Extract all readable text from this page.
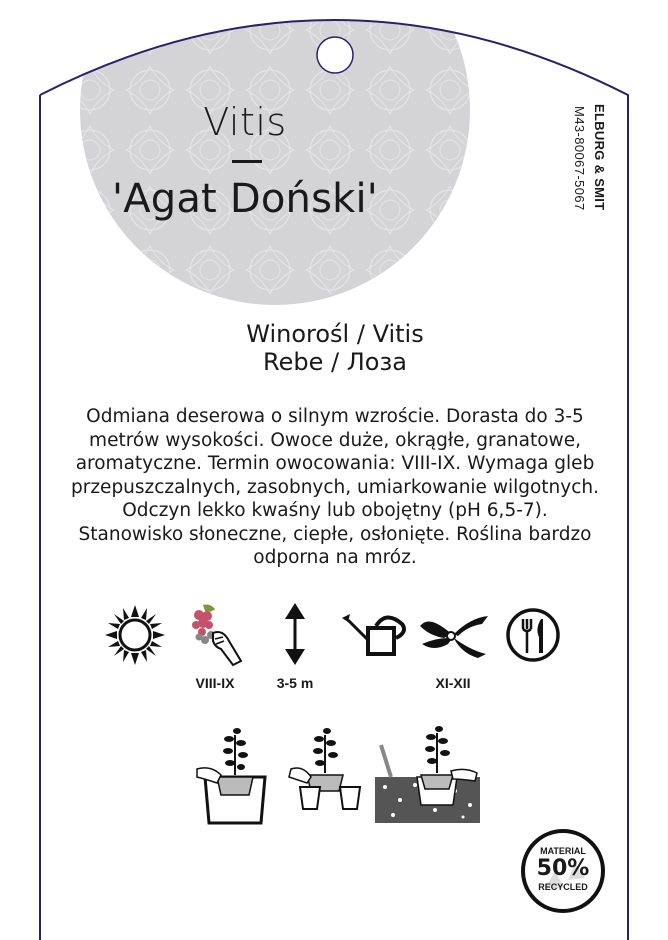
Vitis
'Agat Doński'	ELBURG & SMIT
M43-80067-5067
Winorośl / Vitis
Rebe / Лоза
Odmiana deserowa o silnym wzroście. Dorasta do 3-5 metrów wysokości. Owoce duże, okrągłe, granatowe, aromatyczne. Termin owocowania: VIII-IX. Wymaga gleb przepuszczalnych, zasobnych, umiarkowanie wilgotnych. Odczyn lekko kwaśny lub obojętny (pH 6,5-7). Stanowisko słoneczne, ciepłe, osłonięte. Roślina bardzo odporna na mróz.
VIII-IX	3-5 m	XI-XII
MATERIAL
50%
RECYCLED
